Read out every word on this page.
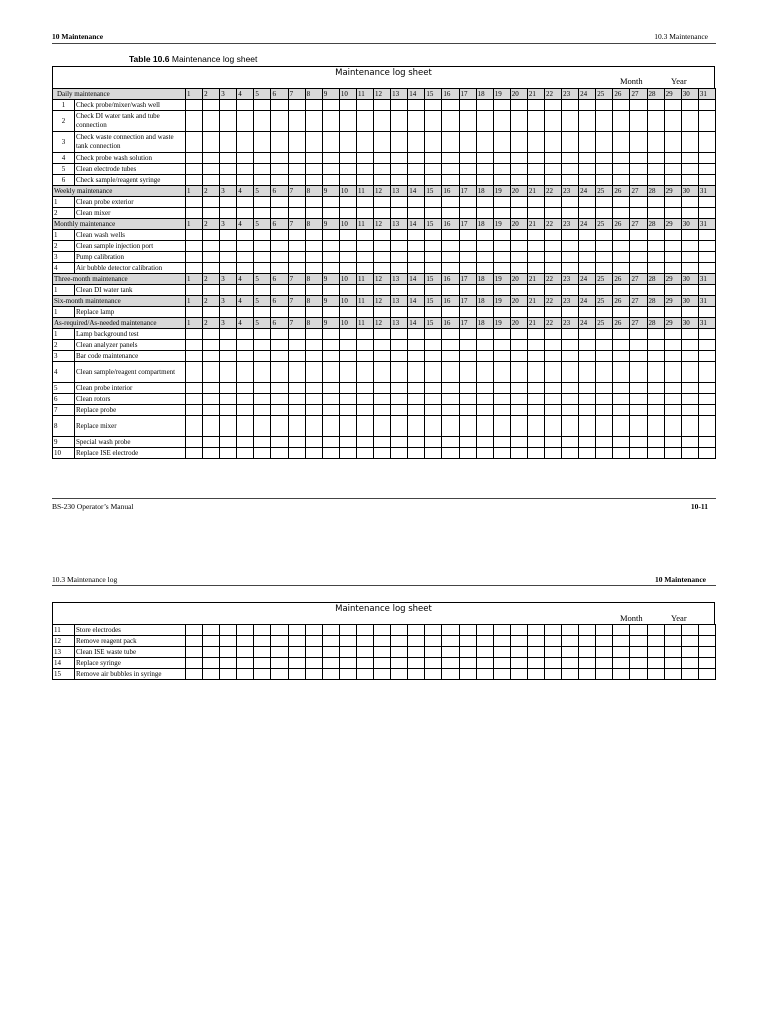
10 Maintenance	10.3 Maintenance
Table 10.6 Maintenance log sheet
Maintenance log sheet
Month	Year
Daily maintenance		1	2	3	4	5	6	7	8	9	10	11	12	13	14	15	16	17	18	19	20	21	22	23	24	25	26	27	28	29	30	31
1	Check probe/mixer/wash well																															
2	Check DI water tank and tube connection																															
3	Check waste connection and waste tank connection																															
4	Check probe wash solution																															
5	Clean electrode tubes																															
6	Check sample/reagent syringe																															
Weekly maintenance		1	2	3	4	5	6	7	8	9	10	11	12	13	14	15	16	17	18	19	20	21	22	23	24	25	26	27	28	29	30	31
1	Clean probe exterior																															
2	Clean mixer																															
Monthly maintenance		1	2	3	4	5	6	7	8	9	10	11	12	13	14	15	16	17	18	19	20	21	22	23	24	25	26	27	28	29	30	31
1	Clean wash wells																															
2	Clean sample injection port																															
3	Pump calibration																															
4	Air bubble detector calibration																															
Three-month maintenance		1	2	3	4	5	6	7	8	9	10	11	12	13	14	15	16	17	18	19	20	21	22	23	24	25	26	27	28	29	30	31
1	Clean DI water tank																															
Six-month maintenance		1	2	3	4	5	6	7	8	9	10	11	12	13	14	15	16	17	18	19	20	21	22	23	24	25	26	27	28	29	30	31
1	Replace lamp																															
As-required/As-needed maintenance		1	2	3	4	5	6	7	8	9	10	11	12	13	14	15	16	17	18	19	20	21	22	23	24	25	26	27	28	29	30	31
1	Lamp background test																															
2	Clean analyzer panels																															
3	Bar code maintenance																															
4	Clean sample/reagent compartment																															
5	Clean probe interior																															
6	Clean rotors																															
7	Replace probe																															
8	Replace mixer																															
9	Special wash probe																															
10	Replace ISE electrode																															
BS-230 Operator’s Manual	10-11
10.3 Maintenance log	10 Maintenance
Maintenance log sheet
Month	Year
11	Store electrodes																															
12	Remove reagent pack																															
13	Clean ISE waste tube																															
14	Replace syringe																															
15	Remove air bubbles in syringe																															
